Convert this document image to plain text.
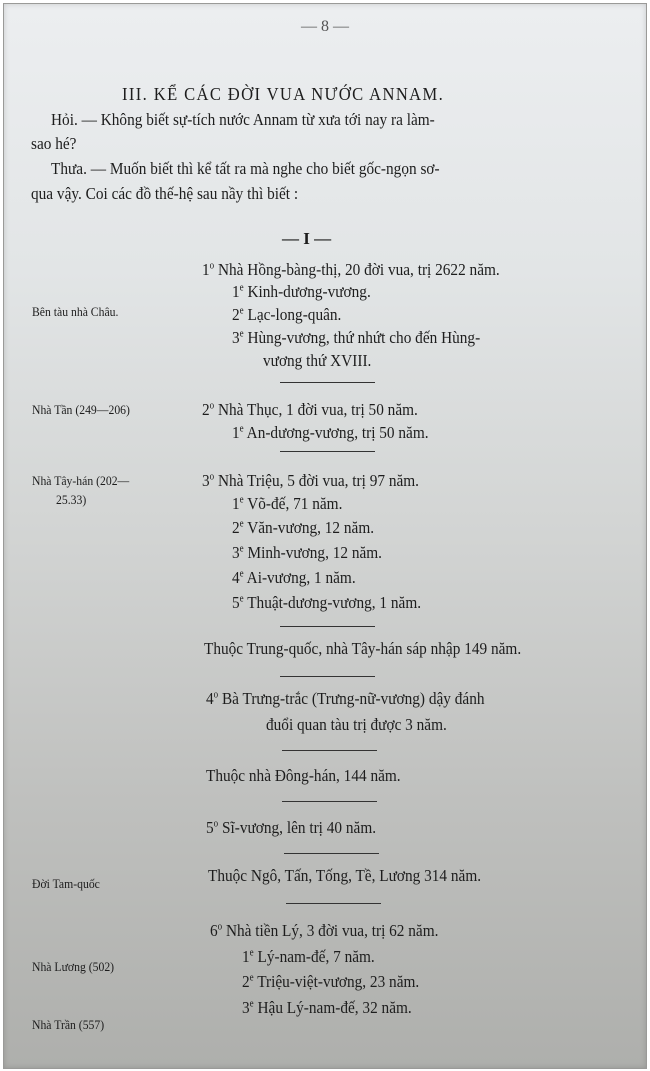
— 8 —
III. KỂ CÁC ĐỜI VUA NƯỚC ANNAM.
Hỏi. — Không biết sự-tích nước Annam từ xưa tới nay ra làm-
sao hé?
Thưa. — Muốn biết thì kể tất ra mà nghe cho biết gốc-ngọn sơ-
qua vậy. Coi các đồ thế-hệ sau nầy thì biết :
— I —
Bên tàu nhà Châu.
Nhà Tần (249—206)
Nhà Tây-hán (202—
25.33)
Đời Tam-quốc
Nhà Lương (502)
Nhà Trần (557)
1$^o$ Nhà Hồng-bàng-thị, 20 đời vua, trị 2622 năm.
1e Kinh-dương-vương.
2e Lạc-long-quân.
3e Hùng-vương, thứ nhứt cho đến Hùng-
vương thứ XVIII.
2$^o$ Nhà Thục, 1 đời vua, trị 50 năm.
1e An-dương-vương, trị 50 năm.
3$^o$ Nhà Triệu, 5 đời vua, trị 97 năm.
1e Võ-đế, 71 năm.
2e Văn-vương, 12 năm.
3e Minh-vương, 12 năm.
4e Ai-vương, 1 năm.
5e Thuật-dương-vương, 1 năm.
Thuộc Trung-quốc, nhà Tây-hán sáp nhập 149 năm.
4$^o$ Bà Trưng-trắc (Trưng-nữ-vương) dậy đánh
đuổi quan tàu trị được 3 năm.
Thuộc nhà Đông-hán, 144 năm.
5$^o$ Sĩ-vương, lên trị 40 năm.
Thuộc Ngô, Tấn, Tống, Tề, Lương 314 năm.
6$^o$ Nhà tiền Lý, 3 đời vua, trị 62 năm.
1e Lý-nam-đế, 7 năm.
2e Triệu-việt-vương, 23 năm.
3e Hậu Lý-nam-đế, 32 năm.
